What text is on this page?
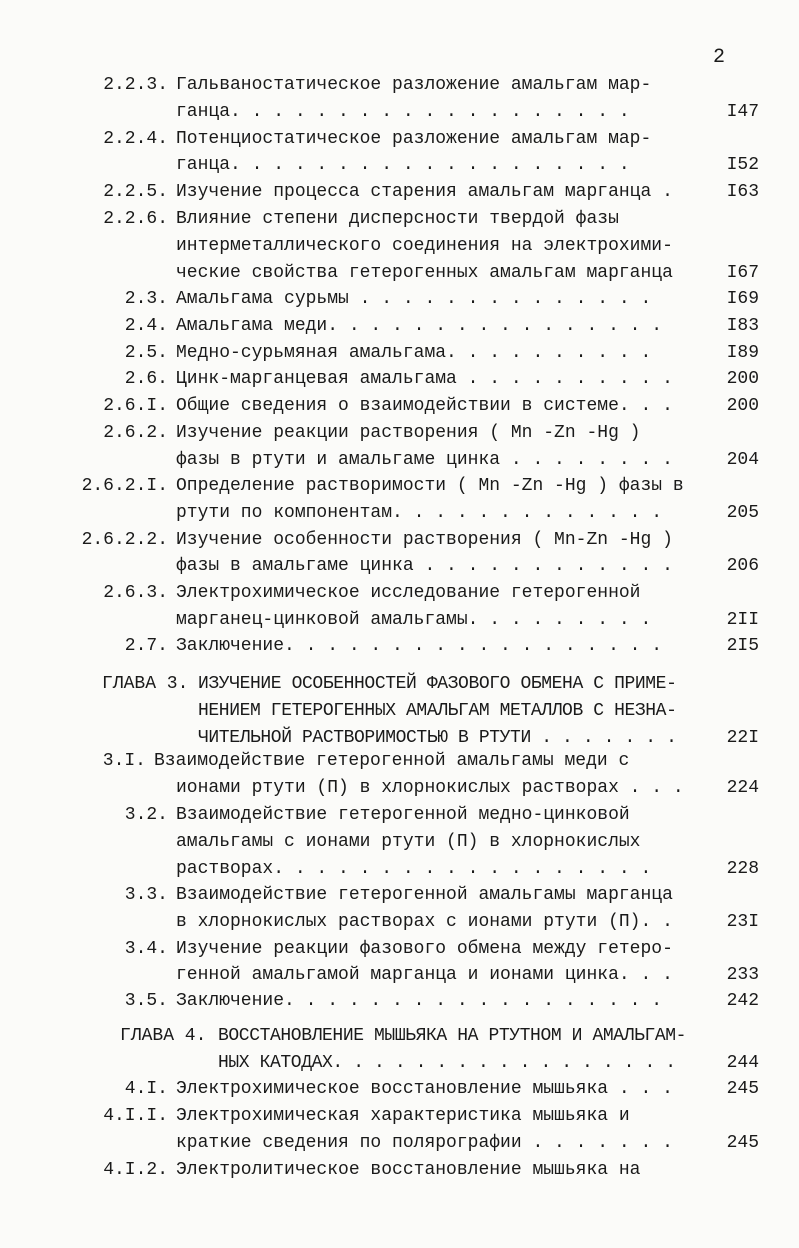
2
2.2.3. Гальваностатическое разложение амальгам мар-
ганца. . . . . . . . . . . . . . . . . . .	I47
2.2.4. Потенциостатическое разложение амальгам мар-
ганца. . . . . . . . . . . . . . . . . . .	I52
2.2.5. Изучение процесса старения амальгам марганца .	I63
2.2.6. Влияние степени дисперсности твердой фазы
интерметаллического соединения на электрохими-
ческие свойства гетерогенных амальгам марганца	I67
2.3. Амальгама сурьмы . . . . . . . . . . . . . .	I69
2.4. Амальгама меди. . . . . . . . . . . . . . . .	I83
2.5. Медно-сурьмяная амальгама. . . . . . . . . .	I89
2.6. Цинк-марганцевая амальгама . . . . . . . . . .	200
2.6.I. Общие сведения о взаимодействии в системе. . .	200
2.6.2. Изучение реакции растворения ( Mn -Zn -Hg )
фазы в ртути и амальгаме цинка . . . . . . . .	204
2.6.2.I. Определение растворимости ( Mn -Zn -Hg ) фазы в
ртути по компонентам. . . . . . . . . . . . .	205
2.6.2.2. Изучение особенности растворения ( Mn-Zn -Hg )
фазы в амальгаме цинка . . . . . . . . . . . .	206
2.6.3. Электрохимическое исследование гетерогенной
марганец-цинковой амальгамы. . . . . . . . .	2II
2.7. Заключение. . . . . . . . . . . . . . . . . .	2I5
ГЛАВА 3. ИЗУЧЕНИЕ ОСОБЕННОСТЕЙ ФАЗОВОГО ОБМЕНА С ПРИМЕ-
НЕНИЕМ ГЕТЕРОГЕННЫХ АМАЛЬГАМ МЕТАЛЛОВ С НЕЗНА-
ЧИТЕЛЬНОЙ РАСТВОРИМОСТЬЮ В РТУТИ . . . . . . .	22I
3.I. Взаимодействие гетерогенной амальгамы меди с
ионами ртути (П) в хлорнокислых растворах . . . 224
3.2. Взаимодействие гетерогенной медно-цинковой
амальгамы с ионами ртути (П) в хлорнокислых
растворах. . . . . . . . . . . . . . . . . .	228
3.3. Взаимодействие гетерогенной амальгамы марганца
в хлорнокислых растворах с ионами ртути (П). .	23I
3.4. Изучение реакции фазового обмена между гетеро-
генной амальгамой марганца и ионами цинка. . .	233
3.5. Заключение. . . . . . . . . . . . . . . . . .	242
ГЛАВА 4. ВОССТАНОВЛЕНИЕ МЫШЬЯКА НА РТУТНОМ И АМАЛЬГАМ-
НЫХ КАТОДАХ. . . . . . . . . . . . . . . . .	244
4.I. Электрохимическое восстановление мышьяка . . .	245
4.I.I. Электрохимическая характеристика мышьяка и
краткие сведения по полярографии . . . . . . .	245
4.I.2. Электролитическое восстановление мышьяка на
